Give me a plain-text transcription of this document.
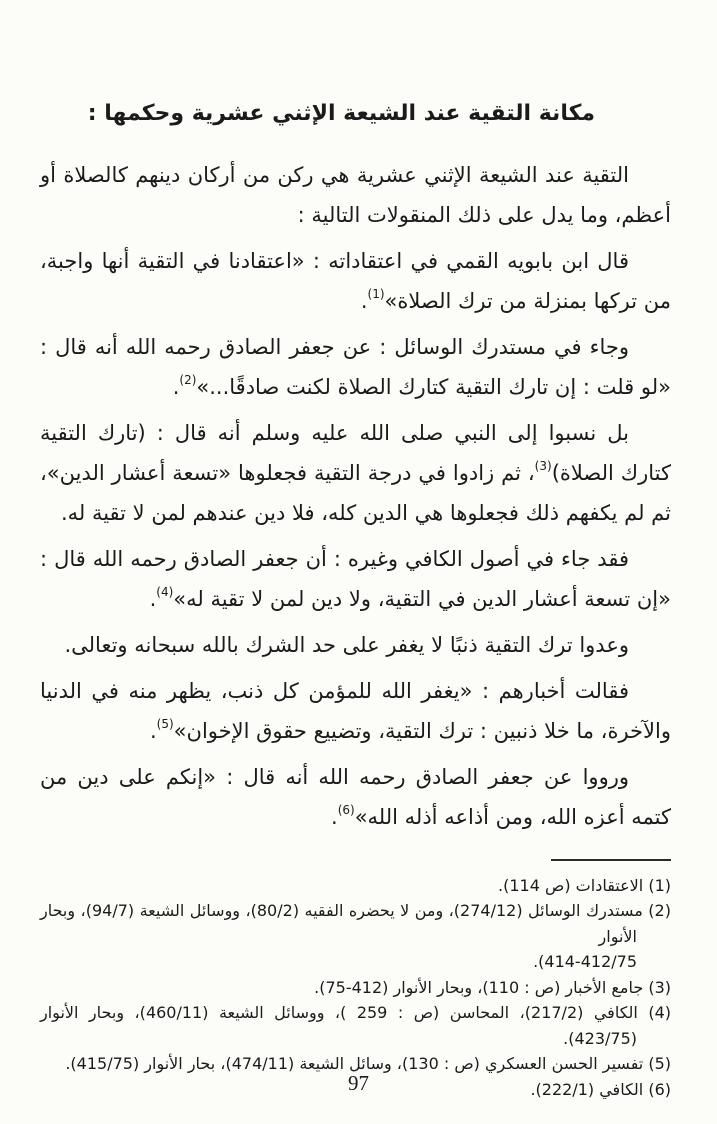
مكانة التقية عند الشيعة الإثني عشرية وحكمها :

التقية عند الشيعة الإثني عشرية هي ركن من أركان دينهم كالصلاة أو أعظم، وما يدل على ذلك المنقولات التالية :

قال ابن بابويه القمي في اعتقاداته : «اعتقادنا في التقية أنها واجبة، من تركها بمنزلة من ترك الصلاة»$^{(1)}$.

وجاء في مستدرك الوسائل : عن جعفر الصادق رحمه الله أنه قال : «لو قلت : إن تارك التقية كتارك الصلاة لكنت صادقًا...»$^{(2)}$.

بل نسبوا إلى النبي صلى الله عليه وسلم أنه قال : (تارك التقية كتارك الصلاة)$^{(3)}$، ثم زادوا في درجة التقية فجعلوها «تسعة أعشار الدين»، ثم لم يكفهم ذلك فجعلوها هي الدين كله، فلا دين عندهم لمن لا تقية له.

فقد جاء في أصول الكافي وغيره : أن جعفر الصادق رحمه الله قال : «إن تسعة أعشار الدين في التقية، ولا دين لمن لا تقية له»$^{(4)}$.

وعدوا ترك التقية ذنبًا لا يغفر على حد الشرك بالله سبحانه وتعالى.

فقالت أخبارهم : «يغفر الله للمؤمن كل ذنب، يظهر منه في الدنيا والآخرة، ما خلا ذنبين : ترك التقية، وتضييع حقوق الإخوان»$^{(5)}$.

ورووا عن جعفر الصادق رحمه الله أنه قال : «إنكم على دين من كتمه أعزه الله، ومن أذاعه أذله الله»$^{(6)}$.

(1) الاعتقادات (ص 114).
(2) مستدرك الوسائل (274/12)، ومن لا يحضره الفقيه (80/2)، ووسائل الشيعة (94/7)، وبحار الأنوار
414-412/75).
(3) جامع الأخبار (ص : 110)، وبحار الأنوار (412-75).
(4) الكافي (217/2)، المحاسن (ص : 259 )، ووسائل الشيعة (460/11)، وبحار الأنوار (423/75).
(5) تفسير الحسن العسكري (ص : 130)، وسائل الشيعة (474/11)، بحار الأنوار (415/75).
(6) الكافي (222/1).
97
